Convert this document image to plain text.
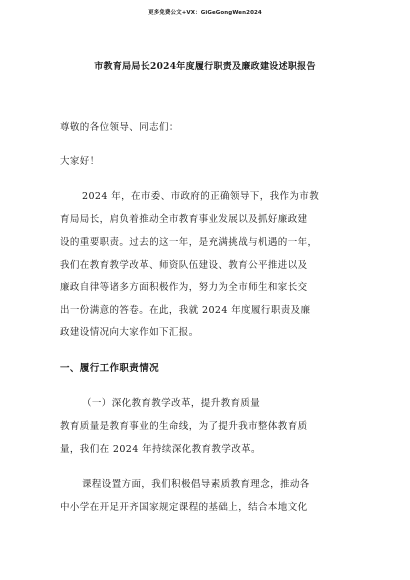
更多免费公文+VX：GiGeGongWen2024
市教育局局长2024年度履行职责及廉政建设述职报告
尊敬的各位领导、同志们：
大家好！
2024 年，在市委、市政府的正确领导下，我作为市教
育局局长，肩负着推动全市教育事业发展以及抓好廉政建
设的重要职责。过去的这一年，是充满挑战与机遇的一年，
我们在教育教学改革、师资队伍建设、教育公平推进以及
廉政自律等诸多方面积极作为，努力为全市师生和家长交
出一份满意的答卷。在此，我就 2024 年度履行职责及廉
政建设情况向大家作如下汇报。
一、履行工作职责情况
（一）深化教育教学改革，提升教育质量
教育质量是教育事业的生命线，为了提升我市整体教育质
量，我们在 2024 年持续深化教育教学改革。
课程设置方面，我们积极倡导素质教育理念，推动各
中小学在开足开齐国家规定课程的基础上，结合本地文化
